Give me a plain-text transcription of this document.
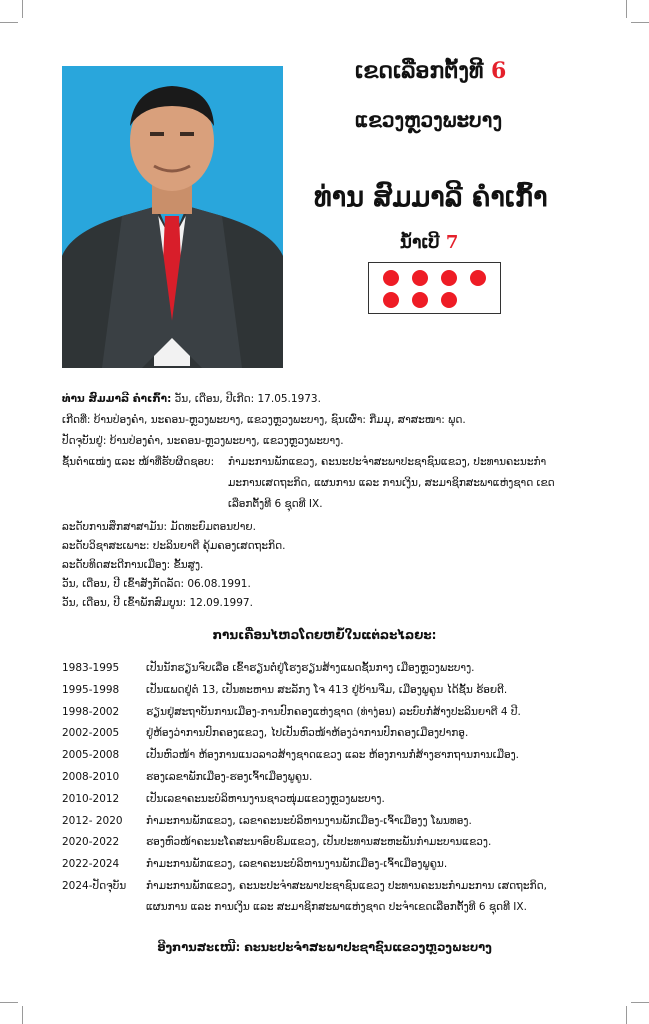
ເຂດເລືອກຕັ້ງທີ 6
ແຂວງຫຼວງພະບາງ
ທ່ານ ສົມມາລີ ຄໍາເກົ້າ
ນໍ້າເບີ 7
ທ່ານ ສົມມາລີ ຄໍາເກົ້າ: ວັນ, ເດືອນ, ປີເກີດ: 17.05.1973.
ເກີດທີ່: ບ້ານປ່ອງຄໍາ, ນະຄອນ-ຫຼວງພະບາງ, ແຂວງຫຼວງພະບາງ, ຊົນເຜົ່າ: ກືມມຸ, ສາສະໜາ: ພຸດ.
ປັດຈຸບັນຢູ່: ບ້ານປ່ອງຄໍາ, ນະຄອນ-ຫຼວງພະບາງ, ແຂວງຫຼວງພະບາງ.
ຊັ້ນຕໍາແໜ່ງ ແລະ ໜ້າທີ່ຮັບຜິດຊອບ: ກໍາມະການພັກແຂວງ, ຄະນະປະຈໍາສະພາປະຊາຊົນແຂວງ, ປະທານຄະນະກໍາ
ມະການເສດຖະກິດ, ແຜນການ ແລະ ການເງິນ, ສະມາຊິກສະພາແຫ່ງຊາດ ເຂດ
ເລືອກຕັ້ງທີ 6 ຊຸດທີ IX.
ລະດັບການສຶກສາສາມັນ: ມັດທະຍົມຕອນປາຍ.
ລະດັບວິຊາສະເພາະ: ປະລິນຍາຕີ ຄຸ້ມຄອງເສດຖະກິດ.
ລະດັບທິດສະດີການເມືອງ: ຂັ້ນສູງ.
ວັນ, ເດືອນ, ປີ ເຂົ້າສັງກັດລັດ: 06.08.1991.
ວັນ, ເດືອນ, ປີ ເຂົ້າພັກສົມບູນ: 12.09.1997.
ການເຄື່ອນໄຫວໂດຍຫຍໍ້ໃນແຕ່ລະໄລຍະ:
1983-1995	ເປັນນັກຮຽນຈົບເລື່ອ ເຂົ້າຮຽນຕໍ່ຢູ່ໂຮງຮຽນສ້າງແພດຊັ້ນກາງ ເມືອງຫຼວງພະບາງ.
1995-1998	ເປັນແພດຢູ່ຕໍ 13, ເປັນທະຫານ ສະລັກງ ໂຈ 413 ຢູ່ບ້ານຈືມ, ເມືອງພູຄູນ ໄດ້ຊັ້ນ ຮ້ອຍຕີ.
1998-2002	ຮຽນຢູ່ສະຖາບັນການເມືອງ-ການປົກຄອງແຫ່ງຊາດ (ທ່າງ່ອນ) ລະບົບກໍ່ສ້າງປະລິນຍາຕີ 4 ປີ.
2002-2005	ຢູ່ຫ້ອງວ່າການປົກຄອງແຂວງ, ໄປເປັນຫົວໜ້າຫ້ອງວ່າການປົກຄອງເມືອງປາກອູ.
2005-2008	ເປັນຫົວໜ້າ ຫ້ອງການແນວລາວສ້າງຊາດແຂວງ ແລະ ຫ້ອງການກໍ່ສ້າງຮາກຖານການເມືອງ.
2008-2010	ຮອງເລຂາພັກເມືອງ-ຮອງເຈົ້າເມືອງພູຄູນ.
2010-2012	ເປັນເລຂາຄະນະບໍລິຫານງານຊາວໜຸ່ມແຂວງຫຼວງພະບາງ.
2012- 2020 ກໍາມະການພັກແຂວງ, ເລຂາຄະນະບໍລິຫານງານພັກເມືອງ-ເຈົ້າເມືອງງ ໂພນທອງ.
2020-2022	ຮອງຫົວໜ້າຄະນະໂຄສະນາອົບຮົມແຂວງ, ເປັນປະທານສະຫະພັນກໍາມະບານແຂວງ.
2022-2024	ກໍາມະການພັກແຂວງ, ເລຂາຄະນະບໍລິຫານງານພັກເມືອງ-ເຈົ້າເມືອງພູຄູນ.
2024-ປັດຈຸບັນ ກໍາມະການພັກແຂວງ, ຄະນະປະຈໍາສະພາປະຊາຊົນແຂວງ ປະທານຄະນະກໍາມະການ ເສດຖະກິດ,
ແຜນການ ແລະ ການເງິນ ແລະ ສະມາຊິກສະພາແຫ່ງຊາດ ປະຈໍາເຂດເລືອກຕັ້ງທີ 6 ຊຸດທີ IX.
ອີງການສະເໜີ: ຄະນະປະຈໍາສະພາປະຊາຊົນແຂວງຫຼວງພະບາງ
